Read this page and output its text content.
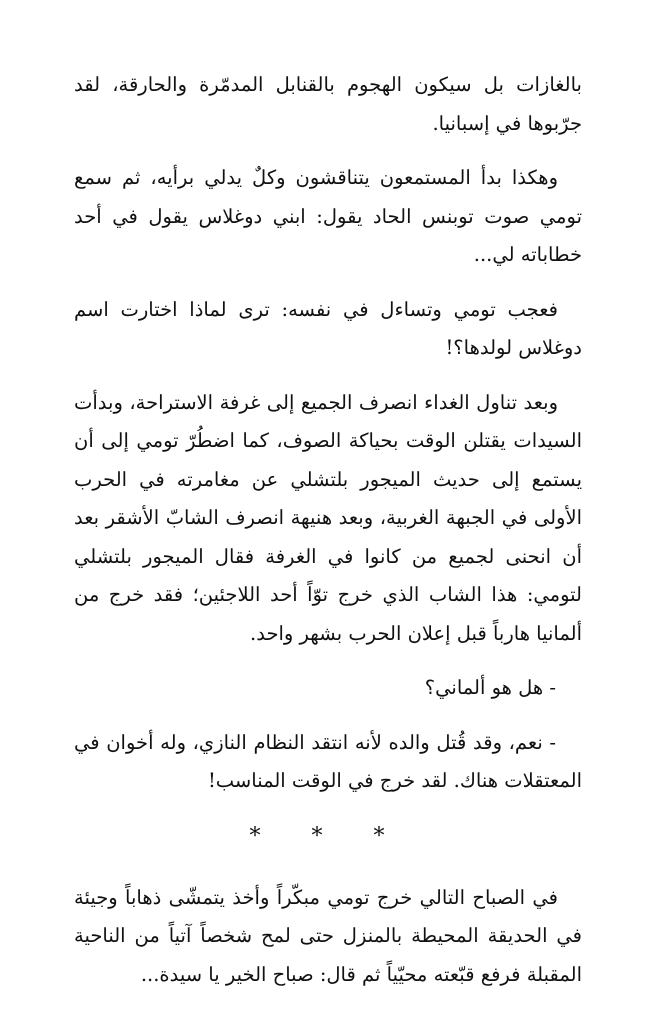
بالغازات بل سيكون الهجوم بالقنابل المدمّرة والحارقة، لقد جرّبوها في إسبانيا.

وهكذا بدأ المستمعون يتناقشون وكلٌ يدلي برأيه، ثم سمع تومي صوت توبنس الحاد يقول: ابني دوغلاس يقول في أحد خطاباته لي...

فعجب تومي وتساءل في نفسه: ترى لماذا اختارت اسم دوغلاس لولدها؟!

وبعد تناول الغداء انصرف الجميع إلى غرفة الاستراحة، وبدأت السيدات يقتلن الوقت بحياكة الصوف، كما اضطُرّ تومي إلى أن يستمع إلى حديث الميجور بلتشلي عن مغامرته في الحرب الأولى في الجبهة الغربية، وبعد هنيهة انصرف الشابّ الأشقر بعد أن انحنى لجميع من كانوا في الغرفة فقال الميجور بلتشلي لتومي: هذا الشاب الذي خرج توّاً أحد اللاجئين؛ فقد خرج من ألمانيا هارباً قبل إعلان الحرب بشهر واحد.

- هل هو ألماني؟

- نعم، وقد قُتل والده لأنه انتقد النظام النازي، وله أخوان في المعتقلات هناك. لقد خرج في الوقت المناسب!

* * *

في الصباح التالي خرج تومي مبكّراً وأخذ يتمشّى ذهاباً وجيئة في الحديقة المحيطة بالمنزل حتى لمح شخصاً آتياً من الناحية المقبلة فرفع قبّعته محيّياً ثم قال: صباح الخير يا سيدة...
